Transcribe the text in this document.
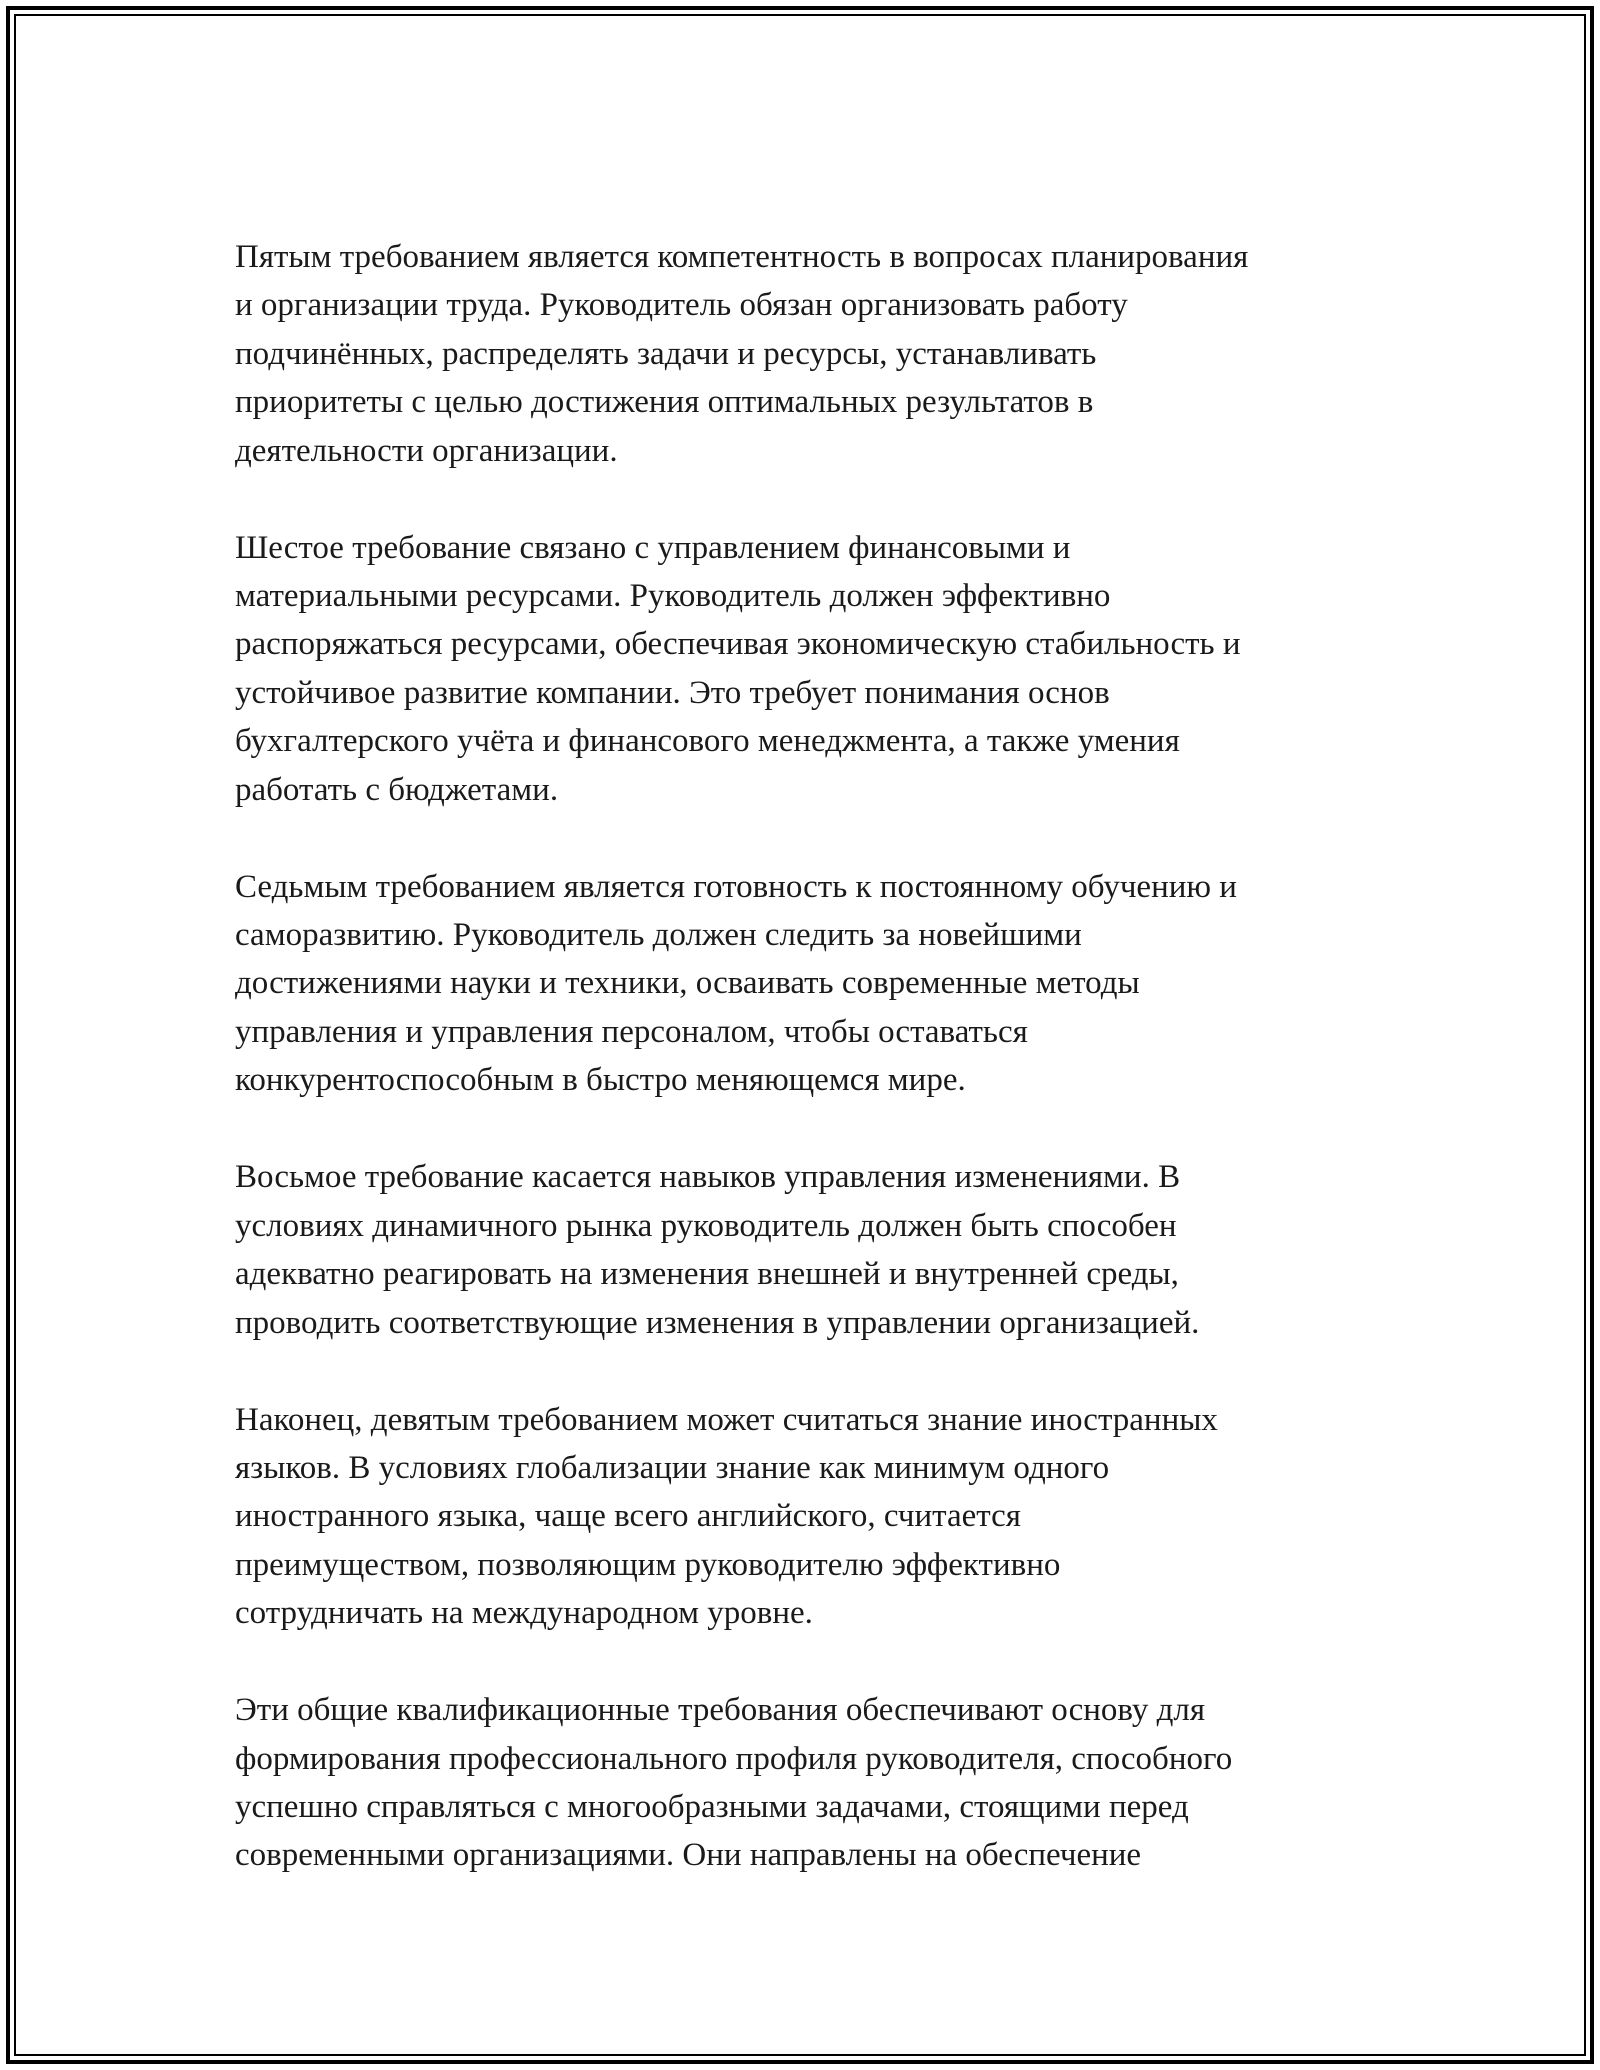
Пятым требованием является компетентность в вопросах планирования
и организации труда. Руководитель обязан организовать работу
подчинённых, распределять задачи и ресурсы, устанавливать
приоритеты с целью достижения оптимальных результатов в
деятельности организации.

Шестое требование связано с управлением финансовыми и
материальными ресурсами. Руководитель должен эффективно
распоряжаться ресурсами, обеспечивая экономическую стабильность и
устойчивое развитие компании. Это требует понимания основ
бухгалтерского учёта и финансового менеджмента, а также умения
работать с бюджетами.

Седьмым требованием является готовность к постоянному обучению и
саморазвитию. Руководитель должен следить за новейшими
достижениями науки и техники, осваивать современные методы
управления и управления персоналом, чтобы оставаться
конкурентоспособным в быстро меняющемся мире.

Восьмое требование касается навыков управления изменениями. В
условиях динамичного рынка руководитель должен быть способен
адекватно реагировать на изменения внешней и внутренней среды,
проводить соответствующие изменения в управлении организацией.

Наконец, девятым требованием может считаться знание иностранных
языков. В условиях глобализации знание как минимум одного
иностранного языка, чаще всего английского, считается
преимуществом, позволяющим руководителю эффективно
сотрудничать на международном уровне.

Эти общие квалификационные требования обеспечивают основу для
формирования профессионального профиля руководителя, способного
успешно справляться с многообразными задачами, стоящими перед
современными организациями. Они направлены на обеспечение
